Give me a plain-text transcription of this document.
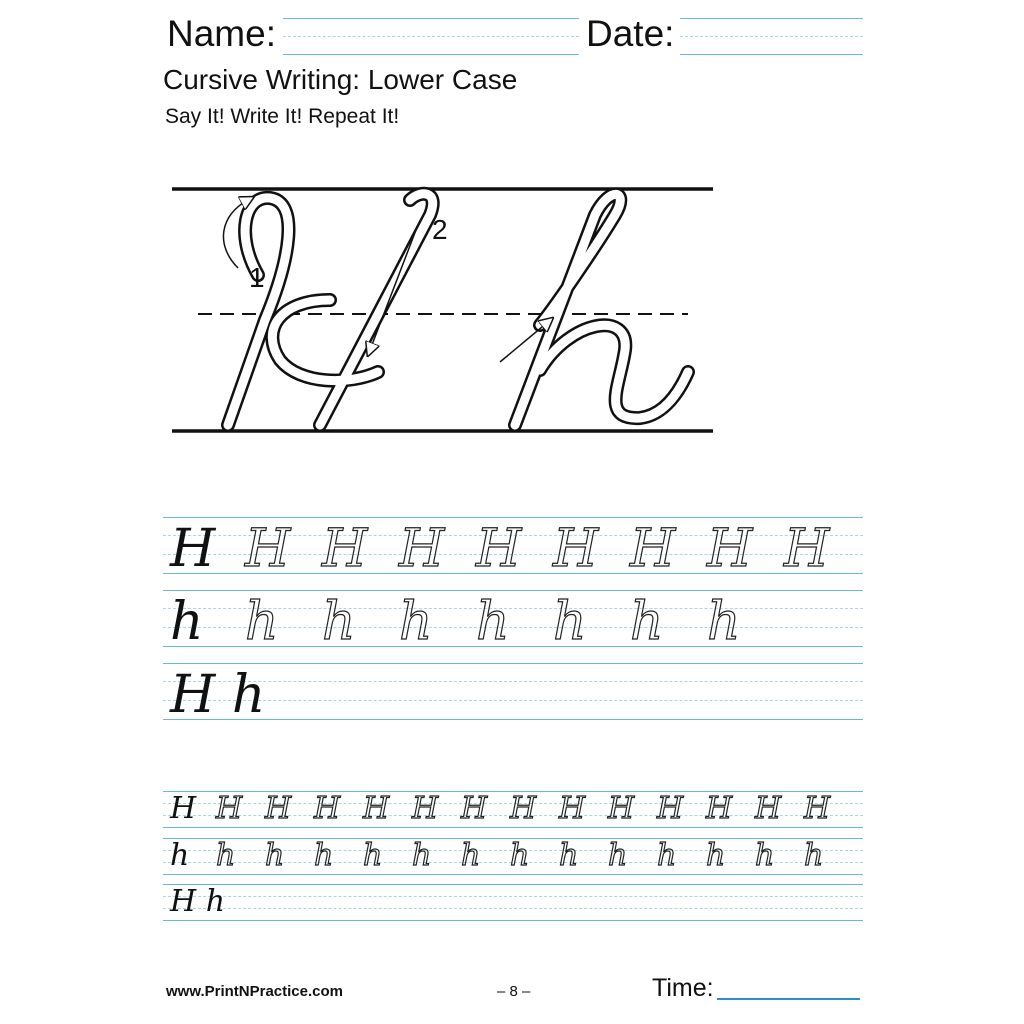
Name:	Date:
Cursive Writing: Lower Case
Say It! Write It! Repeat It!
1
2
H H H H H H H H H
h h h h h h h h
H h
H H H H H H H H H H H H H H
h h h h h h h h h h h h h h
H h
www.PrintNPractice.com	– 8 –	Time:
